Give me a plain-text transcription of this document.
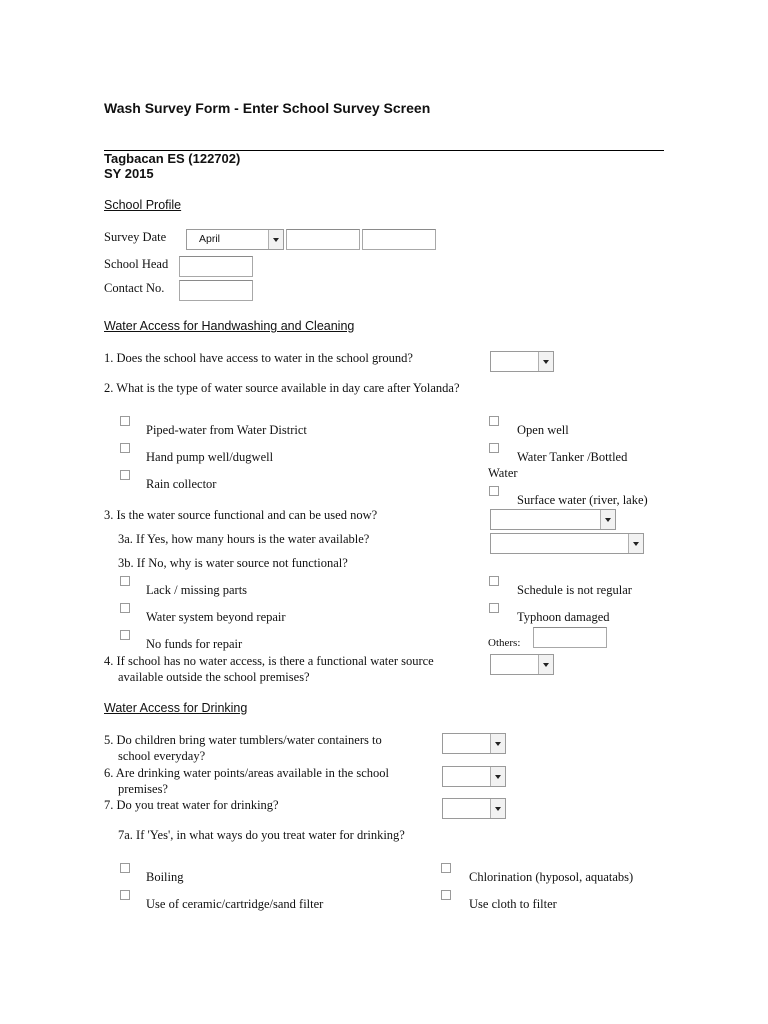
Wash Survey Form - Enter School Survey Screen
Tagbacan ES (122702)
SY 2015
School Profile
Survey Date	April
School Head
Contact No.
Water Access for Handwashing and Cleaning
1. Does the school have access to water in the school ground?
2. What is the type of water source available in day care after Yolanda?
Piped-water from Water District
Hand pump well/dugwell
Rain collector
Open well
Water Tanker /Bottled
Water
Surface water (river, lake)
3. Is the water source functional and can be used now?
3a. If Yes, how many hours is the water available?
3b. If No, why is water source not functional?
Lack / missing parts
Water system beyond repair
No funds for repair
Schedule is not regular
Typhoon damaged
Others:
4. If school has no water access, is there a functional water source
available outside the school premises?
Water Access for Drinking
5. Do children bring water tumblers/water containers to
school everyday?
6. Are drinking water points/areas available in the school
premises?
7. Do you treat water for drinking?
7a. If 'Yes', in what ways do you treat water for drinking?
Boiling
Use of ceramic/cartridge/sand filter
Chlorination (hyposol, aquatabs)
Use cloth to filter
